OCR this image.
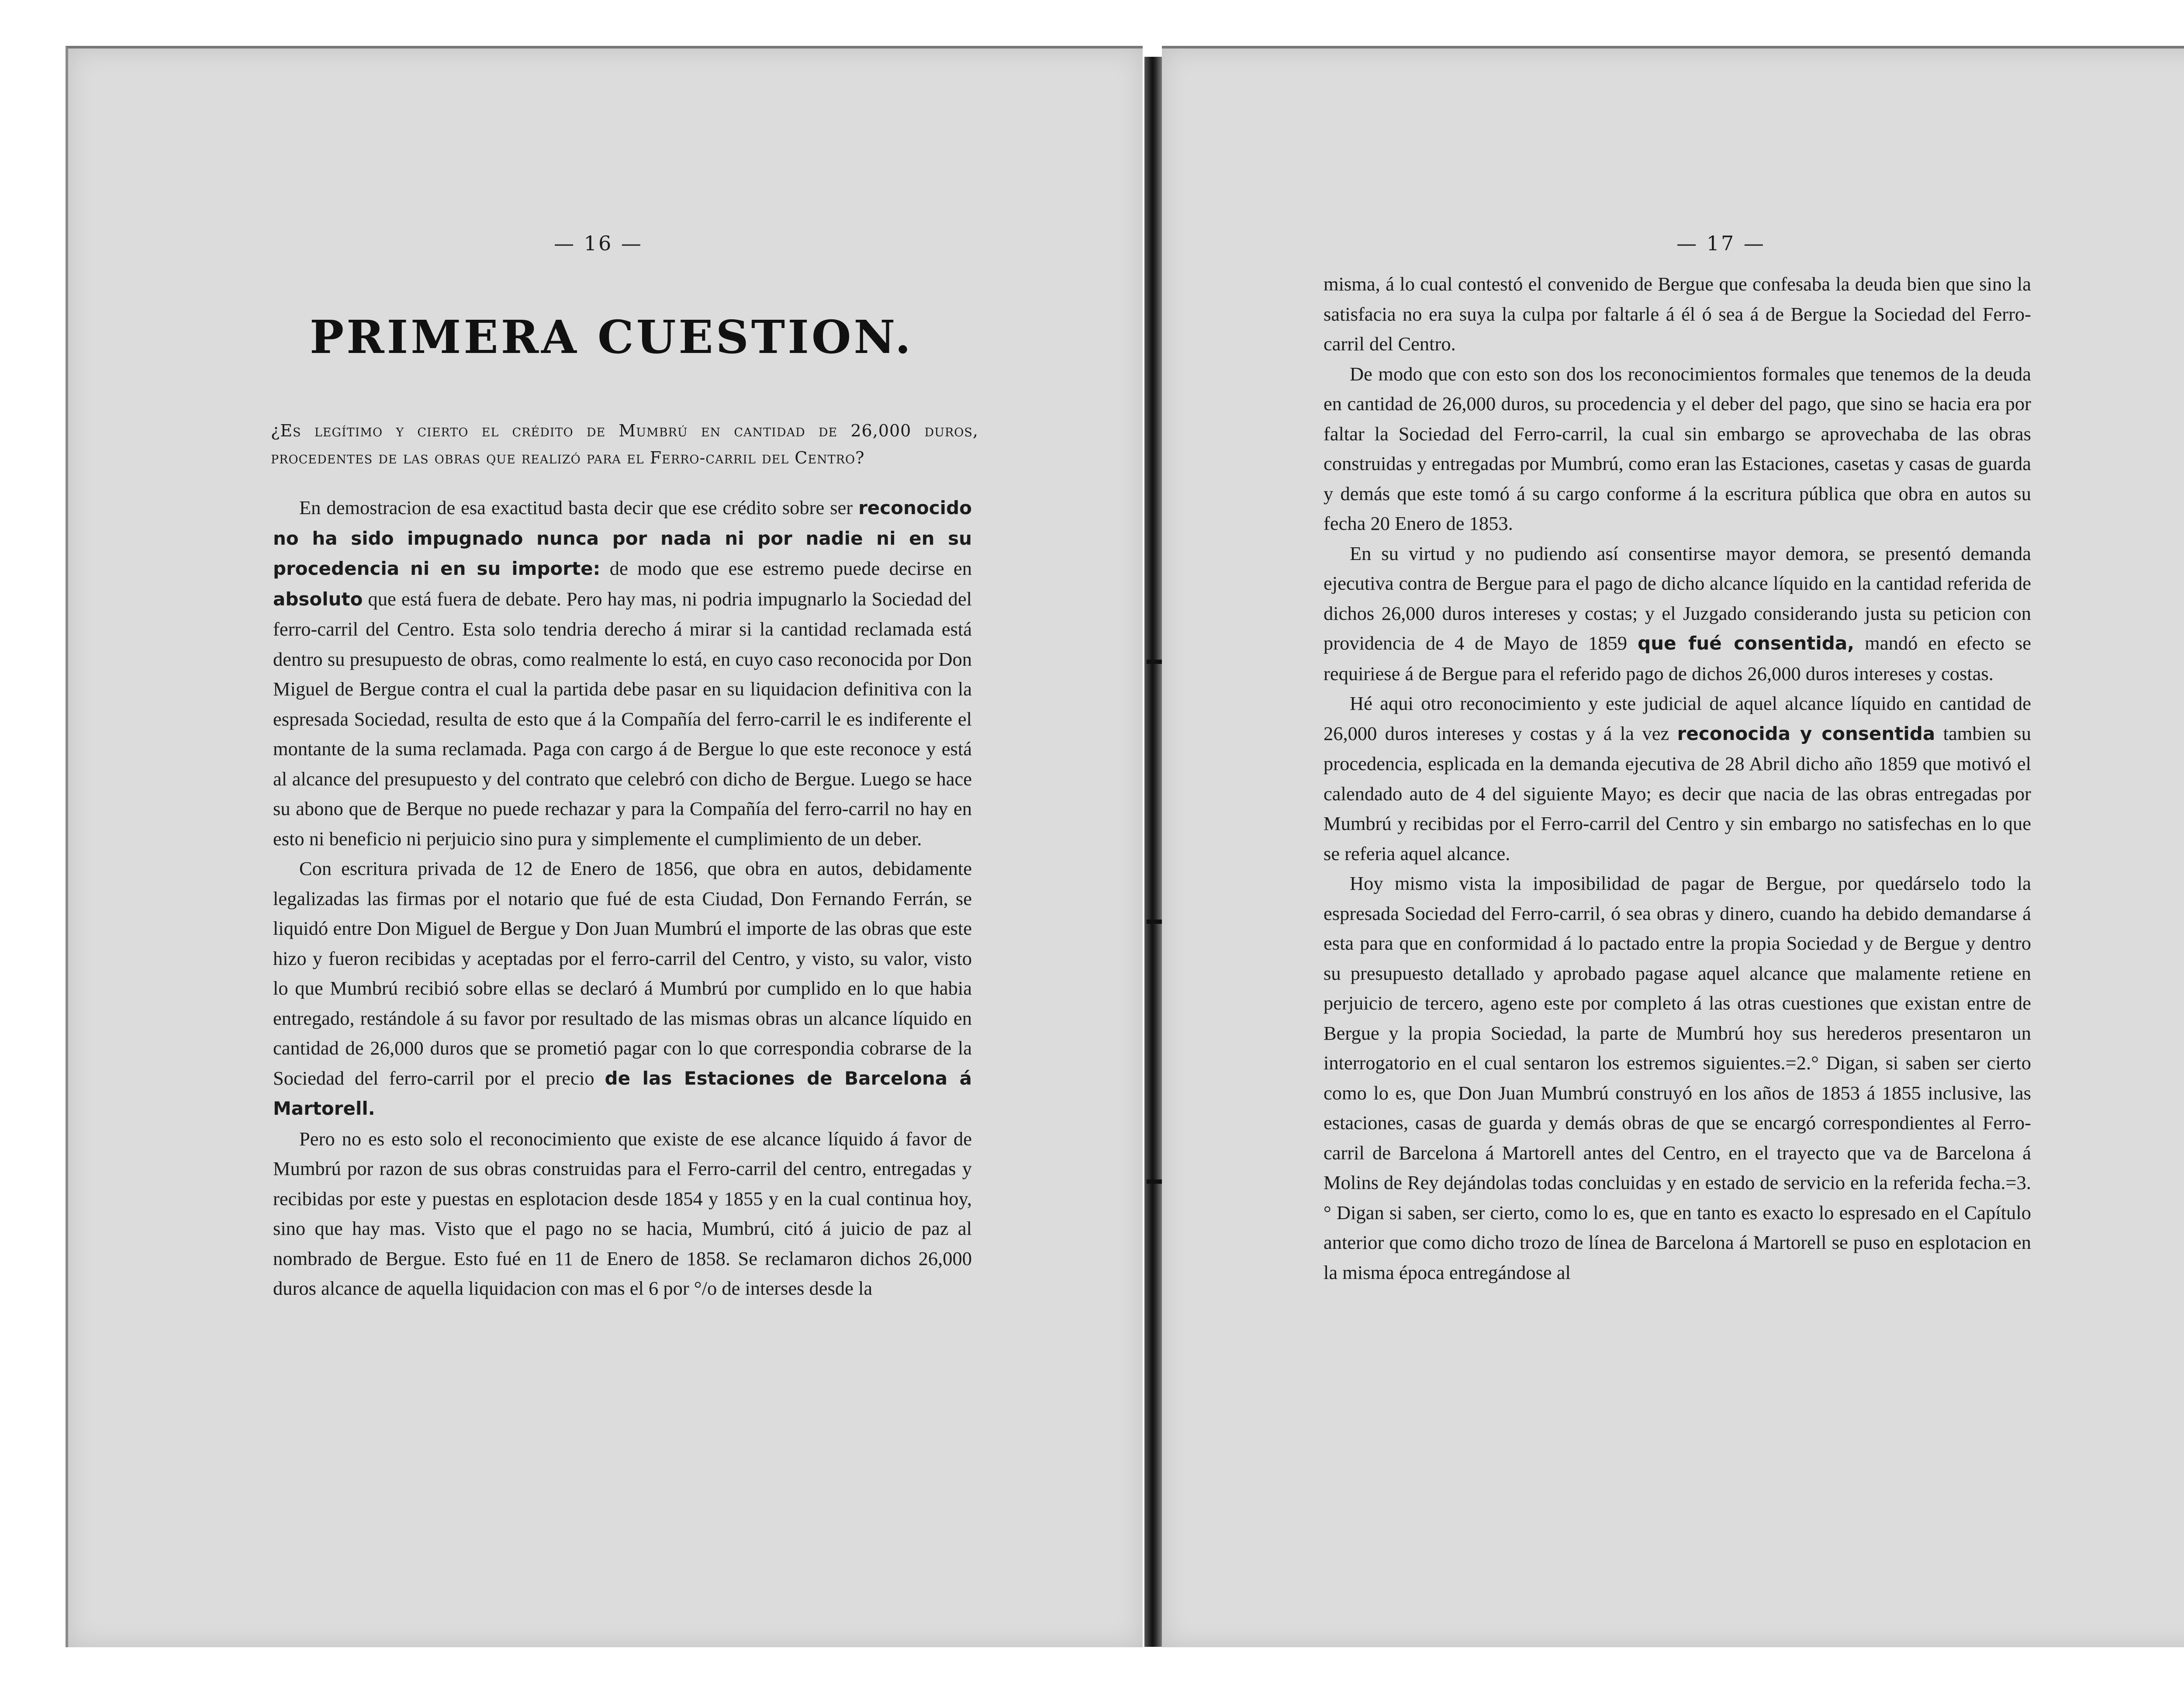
— 16 —
PRIMERA CUESTION.
¿Es legítimo y cierto el crédito de Mumbrú en cantidad de 26,000 duros, procedentes de las obras que realizó para el Ferro-carril del Centro?

En demostracion de esa exactitud basta decir que ese crédito sobre ser reconocido no ha sido impugnado nunca por nada ni por nadie ni en su procedencia ni en su importe: de modo que ese estremo puede decirse en absoluto que está fuera de debate. Pero hay mas, ni podria impugnarlo la Sociedad del ferro-carril del Centro. Esta solo tendria derecho á mirar si la cantidad reclamada está dentro su presupuesto de obras, como realmente lo está, en cuyo caso reconocida por Don Miguel de Bergue contra el cual la partida debe pasar en su liquidacion definitiva con la espresada Sociedad, resulta de esto que á la Compañía del ferro-carril le es indiferente el montante de la suma reclamada. Paga con cargo á de Bergue lo que este reconoce y está al alcance del presupuesto y del contrato que celebró con dicho de Bergue. Luego se hace su abono que de Berque no puede rechazar y para la Compañía del ferro-carril no hay en esto ni beneficio ni perjuicio sino pura y simplemente el cumplimiento de un deber.

Con escritura privada de 12 de Enero de 1856, que obra en autos, debidamente legalizadas las firmas por el notario que fué de esta Ciudad, Don Fernando Ferrán, se liquidó entre Don Miguel de Bergue y Don Juan Mumbrú el importe de las obras que este hizo y fueron recibidas y aceptadas por el ferro-carril del Centro, y visto, su valor, visto lo que Mumbrú recibió sobre ellas se declaró á Mumbrú por cumplido en lo que habia entregado, restándole á su favor por resultado de las mismas obras un alcance líquido en cantidad de 26,000 duros que se prometió pagar con lo que correspondia cobrarse de la Sociedad del ferro-carril por el precio de las Estaciones de Barcelona á Martorell.

Pero no es esto solo el reconocimiento que existe de ese alcance líquido á favor de Mumbrú por razon de sus obras construidas para el Ferro-carril del centro, entregadas y recibidas por este y puestas en esplotacion desde 1854 y 1855 y en la cual continua hoy, sino que hay mas. Visto que el pago no se hacia, Mumbrú, citó á juicio de paz al nombrado de Bergue. Esto fué en 11 de Enero de 1858. Se reclamaron dichos 26,000 duros alcance de aquella liquidacion con mas el 6 por °/o de interses desde la

— 17 —

misma, á lo cual contestó el convenido de Bergue que confesaba la deuda bien que sino la satisfacia no era suya la culpa por faltarle á él ó sea á de Bergue la Sociedad del Ferro-carril del Centro.

De modo que con esto son dos los reconocimientos formales que tenemos de la deuda en cantidad de 26,000 duros, su procedencia y el deber del pago, que sino se hacia era por faltar la Sociedad del Ferro-carril, la cual sin embargo se aprovechaba de las obras construidas y entregadas por Mumbrú, como eran las Estaciones, casetas y casas de guarda y demás que este tomó á su cargo conforme á la escritura pública que obra en autos su fecha 20 Enero de 1853.

En su virtud y no pudiendo así consentirse mayor demora, se presentó demanda ejecutiva contra de Bergue para el pago de dicho alcance líquido en la cantidad referida de dichos 26,000 duros intereses y costas; y el Juzgado considerando justa su peticion con providencia de 4 de Mayo de 1859 que fué consentida, mandó en efecto se requiriese á de Bergue para el referido pago de dichos 26,000 duros intereses y costas.

Hé aqui otro reconocimiento y este judicial de aquel alcance líquido en cantidad de 26,000 duros intereses y costas y á la vez reconocida y consentida tambien su procedencia, esplicada en la demanda ejecutiva de 28 Abril dicho año 1859 que motivó el calendado auto de 4 del siguiente Mayo; es decir que nacia de las obras entregadas por Mumbrú y recibidas por el Ferro-carril del Centro y sin embargo no satisfechas en lo que se referia aquel alcance.

Hoy mismo vista la imposibilidad de pagar de Bergue, por quedárselo todo la espresada Sociedad del Ferro-carril, ó sea obras y dinero, cuando ha debido demandarse á esta para que en conformidad á lo pactado entre la propia Sociedad y de Bergue y dentro su presupuesto detallado y aprobado pagase aquel alcance que malamente retiene en perjuicio de tercero, ageno este por completo á las otras cuestiones que existan entre de Bergue y la propia Sociedad, la parte de Mumbrú hoy sus herederos presentaron un interrogatorio en el cual sentaron los estremos siguientes.=2.° Digan, si saben ser cierto como lo es, que Don Juan Mumbrú construyó en los años de 1853 á 1855 inclusive, las estaciones, casas de guarda y demás obras de que se encargó correspondientes al Ferro-carril de Barcelona á Martorell antes del Centro, en el trayecto que va de Barcelona á Molins de Rey dejándolas todas concluidas y en estado de servicio en la referida fecha.=3.° Digan si saben, ser cierto, como lo es, que en tanto es exacto lo espresado en el Capítulo anterior que como dicho trozo de línea de Barcelona á Martorell se puso en esplotacion en la misma época entregándose al
